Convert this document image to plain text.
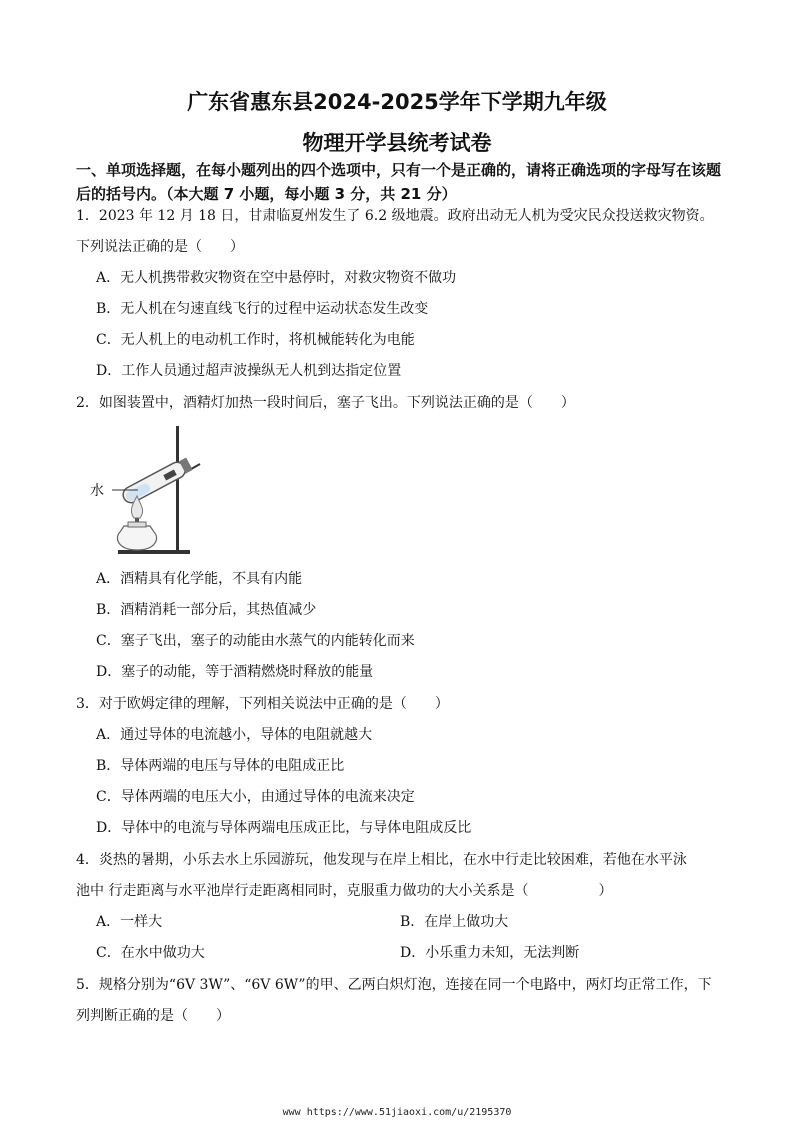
广东省惠东县2024-2025学年下学期九年级
物理开学县统考试卷
一、单项选择题，在每小题列出的四个选项中，只有一个是正确的，请将正确选项的字母写在该题后的括号内。（本大题 7 小题，每小题 3 分，共 21 分）
1．2023 年 12 月 18 日，甘肃临夏州发生了 6.2 级地震。政府出动无人机为受灾民众投送救灾物资。
下列说法正确的是（　　）
A．无人机携带救灾物资在空中悬停时，对救灾物资不做功
B．无人机在匀速直线飞行的过程中运动状态发生改变
C．无人机上的电动机工作时，将机械能转化为电能
D．工作人员通过超声波操纵无人机到达指定位置
2．如图装置中，酒精灯加热一段时间后，塞子飞出。下列说法正确的是（　　）
水
A．酒精具有化学能，不具有内能
B．酒精消耗一部分后，其热值减少
C．塞子飞出，塞子的动能由水蒸气的内能转化而来
D．塞子的动能，等于酒精燃烧时释放的能量
3．对于欧姆定律的理解，下列相关说法中正确的是（　　）
A．通过导体的电流越小，导体的电阻就越大
B．导体两端的电压与导体的电阻成正比
C．导体两端的电压大小，由通过导体的电流来决定
D．导体中的电流与导体两端电压成正比，与导体电阻成反比
4．炎热的暑期，小乐去水上乐园游玩，他发现与在岸上相比，在水中行走比较困难，若他在水平泳
池中 行走距离与水平池岸行走距离相同时，克服重力做功的大小关系是（　　　　　）
A．一样大	B．在岸上做功大
C．在水中做功大	D．小乐重力未知，无法判断
5．规格分别为“6V 3W”、“6V 6W”的甲、乙两白炽灯泡，连接在同一个电路中，两灯均正常工作，下
列判断正确的是（　　）
www https://www.51jiaoxi.com/u/2195370
